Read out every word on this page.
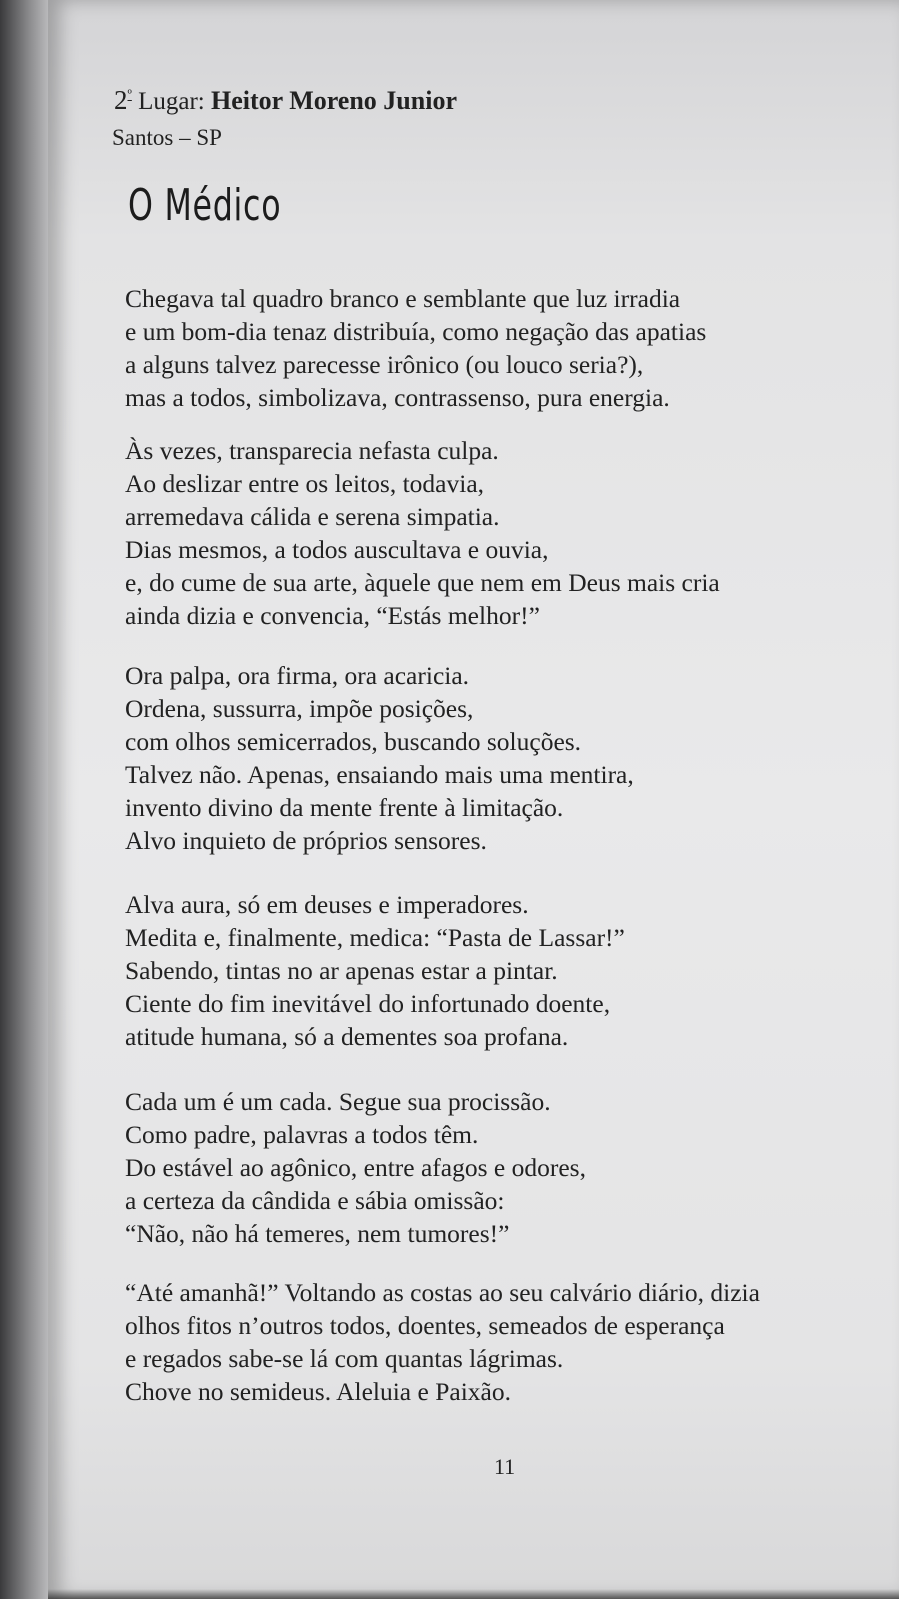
$2^º$ Lugar: Heitor Moreno Junior
Santos – SP
O Médico
Chegava tal quadro branco e semblante que luz irradia
e um bom-dia tenaz distribuía, como negação das apatias
a alguns talvez parecesse irônico (ou louco seria?),
mas a todos, simbolizava, contrassenso, pura energia.
Às vezes, transparecia nefasta culpa.
Ao deslizar entre os leitos, todavia,
arremedava cálida e serena simpatia.
Dias mesmos, a todos auscultava e ouvia,
e, do cume de sua arte, àquele que nem em Deus mais cria
ainda dizia e convencia, “Estás melhor!”
Ora palpa, ora firma, ora acaricia.
Ordena, sussurra, impõe posições,
com olhos semicerrados, buscando soluções.
Talvez não. Apenas, ensaiando mais uma mentira,
invento divino da mente frente à limitação.
Alvo inquieto de próprios sensores.
Alva aura, só em deuses e imperadores.
Medita e, finalmente, medica: “Pasta de Lassar!”
Sabendo, tintas no ar apenas estar a pintar.
Ciente do fim inevitável do infortunado doente,
atitude humana, só a dementes soa profana.
Cada um é um cada. Segue sua procissão.
Como padre, palavras a todos têm.
Do estável ao agônico, entre afagos e odores,
a certeza da cândida e sábia omissão:
“Não, não há temeres, nem tumores!”
“Até amanhã!” Voltando as costas ao seu calvário diário, dizia
olhos fitos n’outros todos, doentes, semeados de esperança
e regados sabe-se lá com quantas lágrimas.
Chove no semideus. Aleluia e Paixão.
11
